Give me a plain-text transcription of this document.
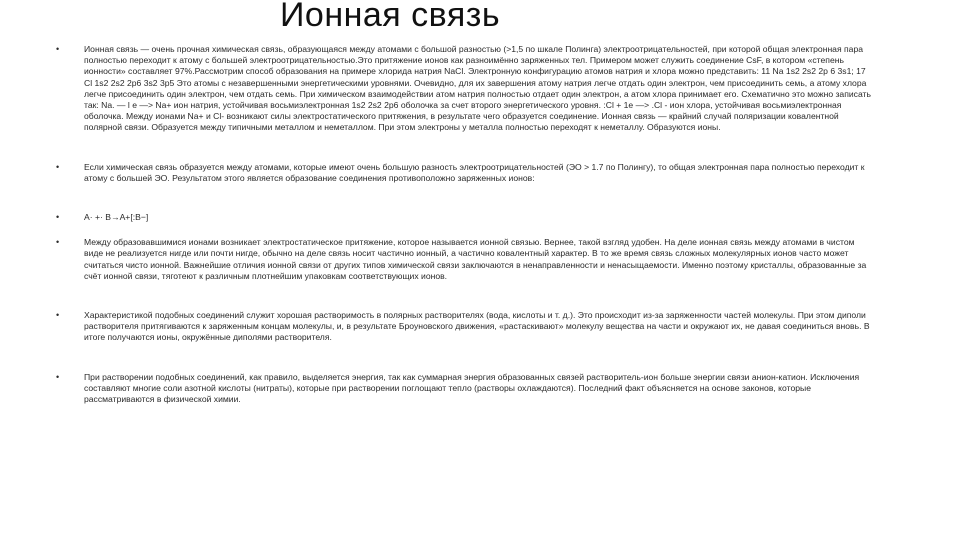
Ионная связь
•	Ионная связь — очень прочная химическая связь, образующаяся между атомами с большой разностью (>1,5 по шкале Полинга) электроотрицательностей, при которой общая электронная пара полностью переходит к атому с большей электроотрицательностью.Это притяжение ионов как разноимённо заряженных тел. Примером может служить соединение CsF, в котором «степень ионности» составляет 97%.Рассмотрим способ образования на примере хлорида натрия NaCl. Электронную конфигурацию атомов натрия и хлора можно представить: 11 Na 1s2 2s2 2p 6 3s1; 17 Cl 1s2 2s2 2p6 3s2 3р5 Это атомы с незавершенными энергетическими уровнями. Очевидно, для их завершения атому натрия легче отдать один электрон, чем присоединить семь, а атому хлора легче присоединить один электрон, чем отдать семь. При химическом взаимодействии атом натрия полностью отдает один электрон, а атом хлора принимает его. Схематично это можно записать так: Na. — l е —> Na+ ион натрия, устойчивая восьмиэлектронная 1s2 2s2 2p6 оболочка за счет второго энергетического уровня. :Cl + 1е —> .Cl - ион хлора, устойчивая восьмиэлектронная оболочка. Между ионами Na+ и Cl- возникают силы электростатического притяжения, в результате чего образуется соединение. Ионная связь — крайний случай поляризации ковалентной полярной связи. Образуется между типичными металлом и неметаллом. При этом электроны у металла полностью переходят к неметаллу. Образуются ионы.

•	Если химическая связь образуется между атомами, которые имеют очень большую разность электроотрицательностей (ЭО > 1.7 по Полингу), то общая электронная пара полностью переходит к атому с большей ЭО. Результатом этого является образование соединения противоположно заряженных ионов:

•	A· +· B→A+[:B−]

•	Между образовавшимися ионами возникает электростатическое притяжение, которое называется ионной связью. Вернее, такой взгляд удобен. На деле ионная связь между атомами в чистом виде не реализуется нигде или почти нигде, обычно на деле связь носит частично ионный, а частично ковалентный характер. В то же время связь сложных молекулярных ионов часто может считаться чисто ионной. Важнейшие отличия ионной связи от других типов химической связи заключаются в ненаправленности и ненасыщаемости. Именно поэтому кристаллы, образованные за счёт ионной связи, тяготеют к различным плотнейшим упаковкам соответствующих ионов.

•	Характеристикой подобных соединений служит хорошая растворимость в полярных растворителях (вода, кислоты и т. д.). Это происходит из-за заряженности частей молекулы. При этом диполи растворителя притягиваются к заряженным концам молекулы, и, в результате Броуновского движения, «растаскивают» молекулу вещества на части и окружают их, не давая соединиться вновь. В итоге получаются ионы, окружённые диполями растворителя.

•	При растворении подобных соединений, как правило, выделяется энергия, так как суммарная энергия образованных связей растворитель-ион больше энергии связи анион-катион. Исключения составляют многие соли азотной кислоты (нитраты), которые при растворении поглощают тепло (растворы охлаждаются). Последний факт объясняется на основе законов, которые рассматриваются в физической химии.
